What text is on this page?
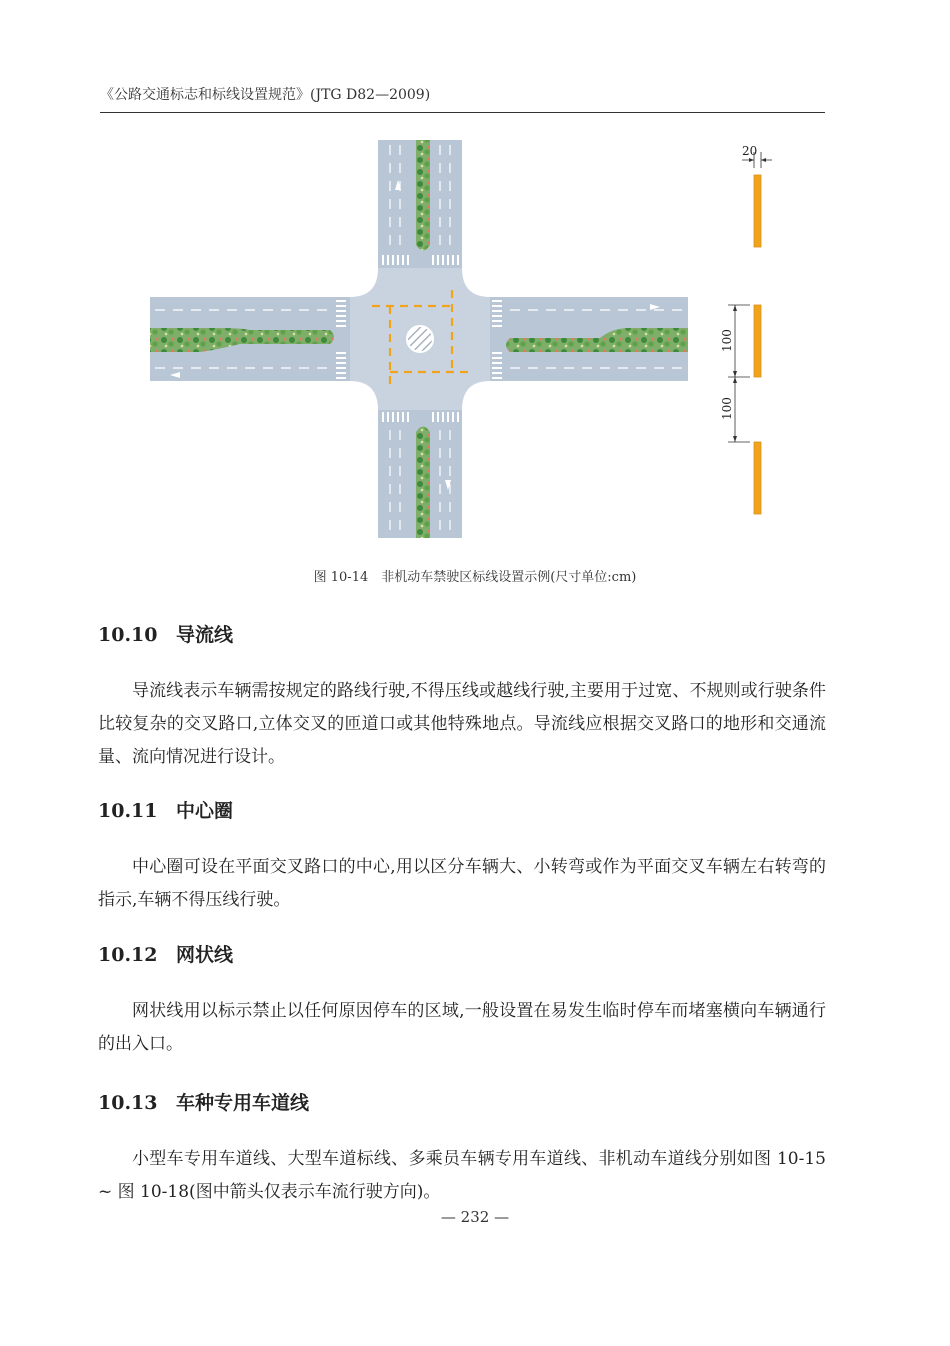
《公路交通标志和标线设置规范》(JTG D82—2009)
20
100
100
图 10-14　非机动车禁驶区标线设置示例(尺寸单位:cm)
10.10 导流线
导流线表示车辆需按规定的路线行驶,不得压线或越线行驶,主要用于过宽、不规则或行驶条件比较复杂的交叉路口,立体交叉的匝道口或其他特殊地点。导流线应根据交叉路口的地形和交通流量、流向情况进行设计。
10.11 中心圈
中心圈可设在平面交叉路口的中心,用以区分车辆大、小转弯或作为平面交叉车辆左右转弯的指示,车辆不得压线行驶。
10.12 网状线
网状线用以标示禁止以任何原因停车的区域,一般设置在易发生临时停车而堵塞横向车辆通行的出入口。
10.13 车种专用车道线
小型车专用车道线、大型车道标线、多乘员车辆专用车道线、非机动车道线分别如图 10-15 ~ 图 10-18(图中箭头仅表示车流行驶方向)。
— 232 —
